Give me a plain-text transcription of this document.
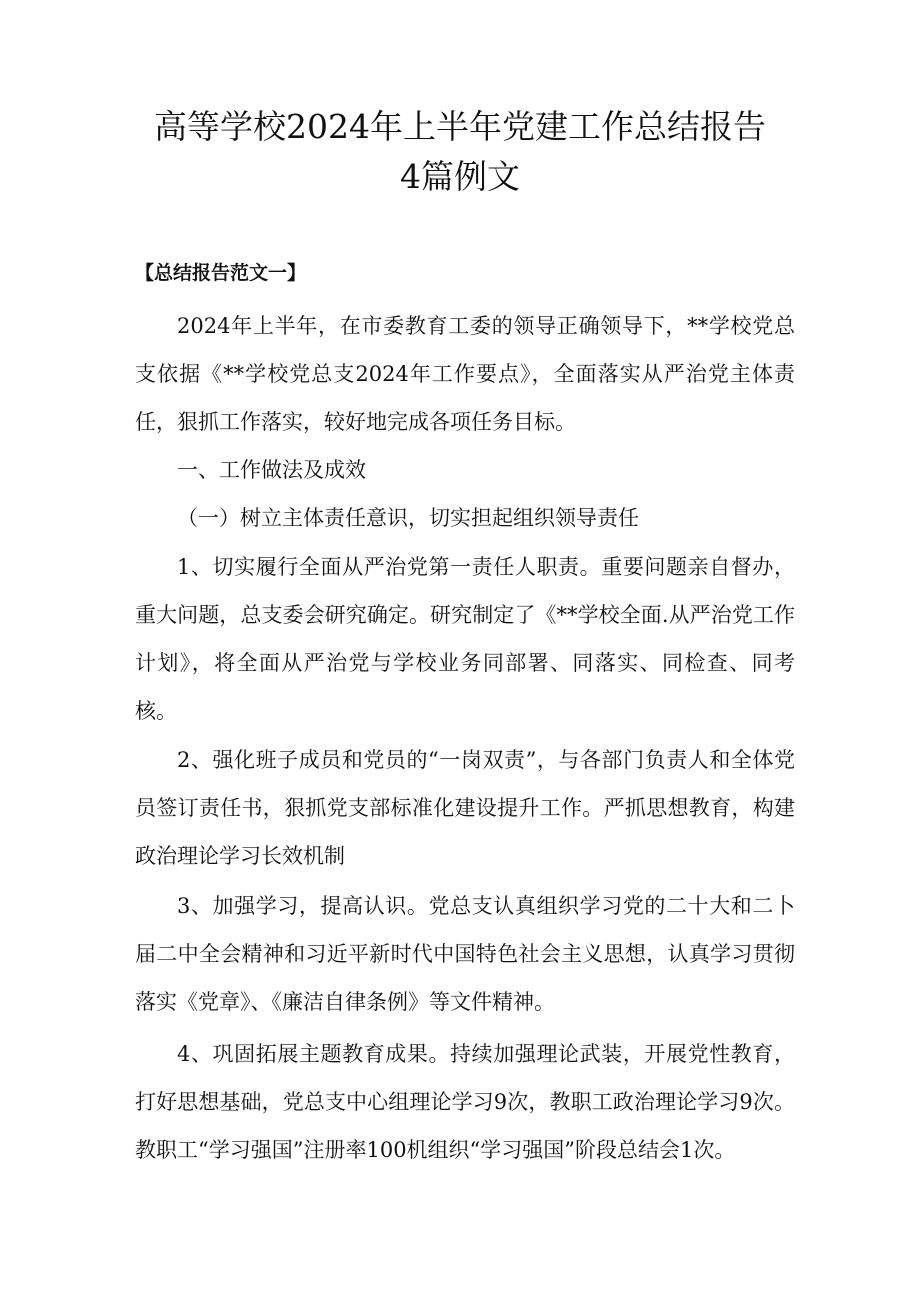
高等学校2024年上半年党建工作总结报告
4篇例文

【总结报告范文一】

2024年上半年，在市委教育工委的领导正确领导下，**学校党总支依据《**学校党总支2024年工作要点》，全面落实从严治党主体责任，狠抓工作落实，较好地完成各项任务目标。

一、工作做法及成效

（一）树立主体责任意识，切实担起组织领导责任

1、切实履行全面从严治党第一责任人职责。重要问题亲自督办，重大问题，总支委会研究确定。研究制定了《**学校全面.从严治党工作计划》，将全面从严治党与学校业务同部署、同落实、同检查、同考核。

2、强化班子成员和党员的“一岗双责”，与各部门负责人和全体党员签订责任书，狠抓党支部标准化建设提升工作。严抓思想教育，构建政治理论学习长效机制

3、加强学习，提高认识。党总支认真组织学习党的二十大和二卜届二中全会精神和习近平新时代中国特色社会主义思想，认真学习贯彻落实《党章》、《廉洁自律条例》等文件精神。

4、巩固拓展主题教育成果。持续加强理论武装，开展党性教育，打好思想基础，党总支中心组理论学习9次，教职工政治理论学习9次。教职工“学习强国”注册率100机组织“学习强国”阶段总结会1次。
